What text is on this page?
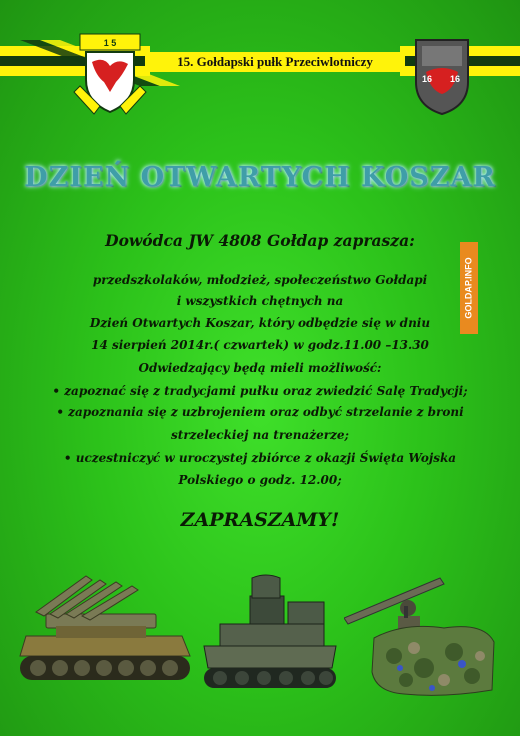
15. Gołdapski pułk Przeciwlotniczy
1 5
16 16
DZIEŃ OTWARTYCH KOSZAR
GOLDAP.INFO
Dowódca JW 4808 Gołdap zaprasza:
przedszkolaków, młodzież, społeczeństwo Gołdapi
i wszystkich chętnych na
Dzień Otwartych Koszar, który odbędzie się w dniu
14 sierpień 2014r.( czwartek) w godz.11.00 –13.30
Odwiedzający będą mieli możliwość:
• zapoznać się z tradycjami pułku oraz zwiedzić Salę Tradycji;
• zapoznania się z uzbrojeniem oraz odbyć strzelanie z broni
strzeleckiej na trenażerze;
• uczestniczyć w uroczystej zbiórce z okazji Święta Wojska
Polskiego o godz. 12.00;
ZAPRASZAMY!
